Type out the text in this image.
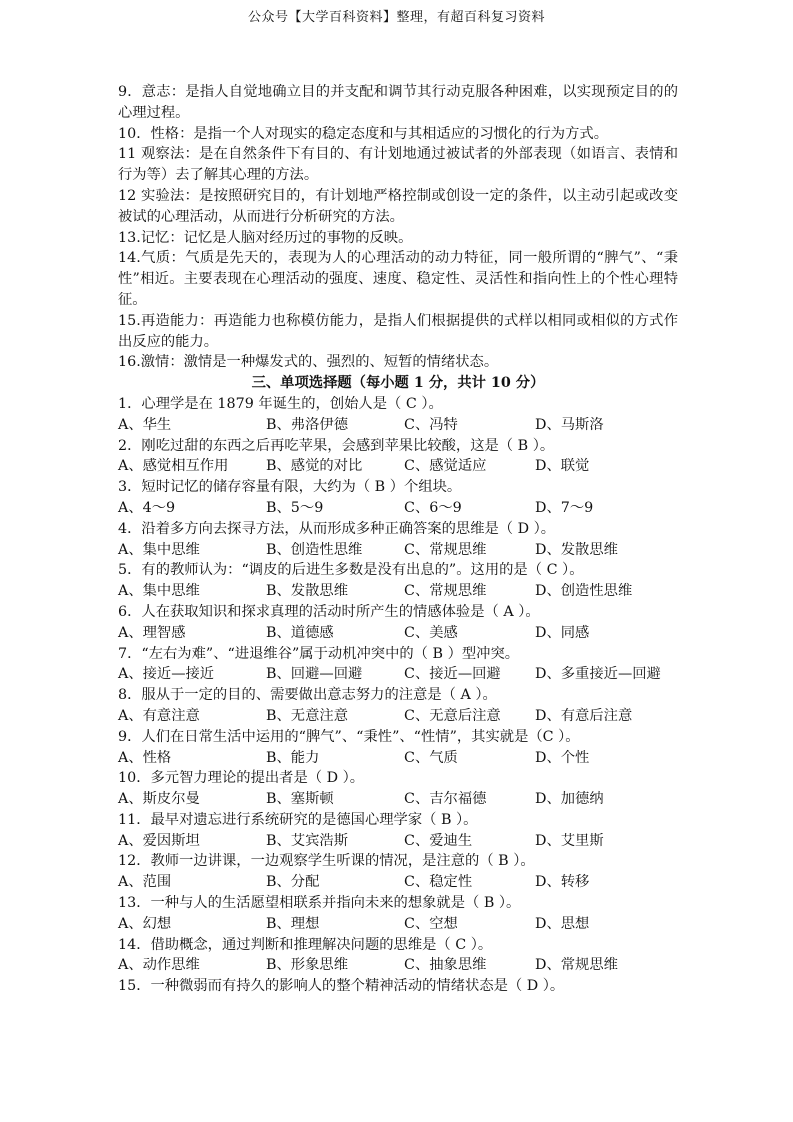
公众号【大学百科资料】整理，有超百科复习资料

9．意志：是指人自觉地确立目的并支配和调节其行动克服各种困难，以实现预定目的的心理过程。

10．性格：是指一个人对现实的稳定态度和与其相适应的习惯化的行为方式。

11 观察法：是在自然条件下有目的、有计划地通过被试者的外部表现（如语言、表情和行为等）去了解其心理的方法。

12 实验法：是按照研究目的，有计划地严格控制或创设一定的条件，以主动引起或改变被试的心理活动，从而进行分析研究的方法。

13.记忆：记忆是人脑对经历过的事物的反映。

14.气质：气质是先天的，表现为人的心理活动的动力特征，同一般所谓的“脾气”、“秉性”相近。主要表现在心理活动的强度、速度、稳定性、灵活性和指向性上的个性心理特征。

15.再造能力：再造能力也称模仿能力，是指人们根据提供的式样以相同或相似的方式作出反应的能力。

16.激情：激情是一种爆发式的、强烈的、短暂的情绪状态。

三、单项选择题（每小题 1 分，共计 10 分）

1．心理学是在 1879 年诞生的，创始人是（ C ）。

A、华生	B、弗洛伊德	C、冯特	D、马斯洛

2．刚吃过甜的东西之后再吃苹果，会感到苹果比较酸，这是（ B ）。

A、感觉相互作用	B、感觉的对比	C、感觉适应	D、联觉

3．短时记忆的储存容量有限，大约为（ B ）个组块。

A、4～9	B、5～9	C、6～9	D、7～9

4．沿着多方向去探寻方法，从而形成多种正确答案的思维是（ D ）。

A、集中思维	B、创造性思维	C、常规思维	D、发散思维

5．有的教师认为：“调皮的后进生多数是没有出息的”。这用的是（ C ）。

A、集中思维	B、发散思维	C、常规思维	D、创造性思维

6．人在获取知识和探求真理的活动时所产生的情感体验是（ A ）。

A、理智感	B、道德感	C、美感	D、同感

7．“左右为难”、“进退维谷”属于动机冲突中的（ B ）型冲突。

A、接近—接近	B、回避—回避	C、接近—回避	D、多重接近—回避

8．服从于一定的目的、需要做出意志努力的注意是（ A ）。

A、有意注意	B、无意注意	C、无意后注意	D、有意后注意

9．人们在日常生活中运用的“脾气”、“秉性”、“性情”，其实就是（C ）。

A、性格	B、能力	C、气质	D、个性

10．多元智力理论的提出者是（ D ）。

A、斯皮尔曼	B、塞斯顿	C、吉尔福德	D、加德纳

11．最早对遗忘进行系统研究的是德国心理学家（ B ）。

A、爱因斯坦	B、艾宾浩斯	C、爱迪生	D、艾里斯

12．教师一边讲课，一边观察学生听课的情况，是注意的（ B ）。

A、范围	B、分配	C、稳定性	D、转移

13．一种与人的生活愿望相联系并指向未来的想象就是（ B ）。

A、幻想	B、理想	C、空想	D、思想

14．借助概念，通过判断和推理解决问题的思维是（ C ）。

A、动作思维	B、形象思维	C、抽象思维	D、常规思维

15．一种微弱而有持久的影响人的整个精神活动的情绪状态是（ D ）。
